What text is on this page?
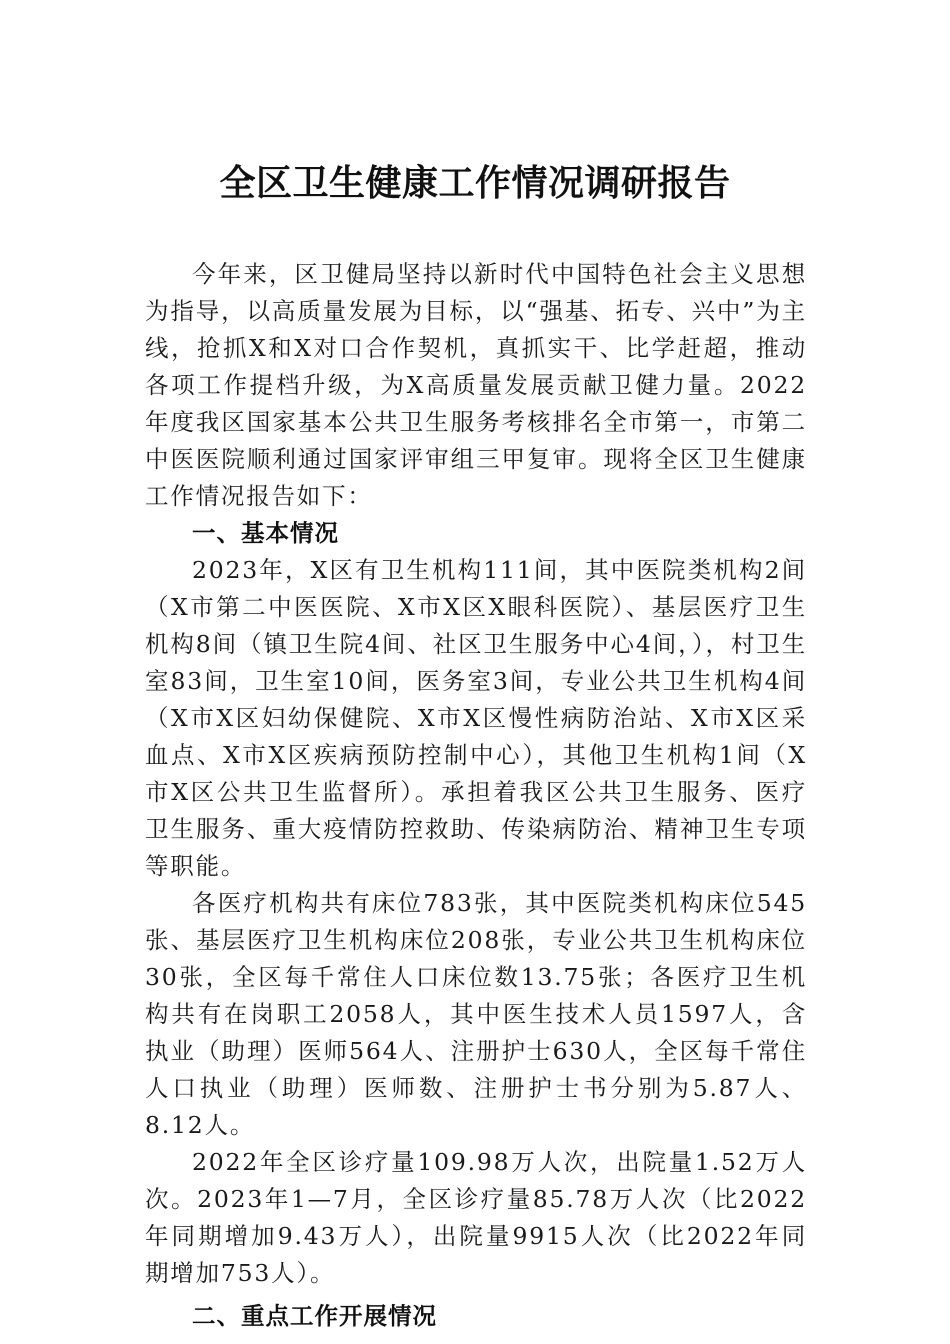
全区卫生健康工作情况调研报告

今年来，区卫健局坚持以新时代中国特色社会主义思想为指导，以高质量发展为目标，以“强基、拓专、兴中”为主线，抢抓X和X对口合作契机，真抓实干、比学赶超，推动各项工作提档升级，为X高质量发展贡献卫健力量。2022年度我区国家基本公共卫生服务考核排名全市第一，市第二中医医院顺利通过国家评审组三甲复审。现将全区卫生健康工作情况报告如下：

一、基本情况

2023年，X区有卫生机构111间，其中医院类机构2间（X市第二中医医院、X市X区X眼科医院）、基层医疗卫生机构8间（镇卫生院4间、社区卫生服务中心4间，），村卫生室83间，卫生室10间，医务室3间，专业公共卫生机构4间（X市X区妇幼保健院、X市X区慢性病防治站、X市X区采血点、X市X区疾病预防控制中心），其他卫生机构1间（X市X区公共卫生监督所）。承担着我区公共卫生服务、医疗卫生服务、重大疫情防控救助、传染病防治、精神卫生专项等职能。

各医疗机构共有床位783张，其中医院类机构床位545张、基层医疗卫生机构床位208张，专业公共卫生机构床位30张，全区每千常住人口床位数13.75张；各医疗卫生机构共有在岗职工2058人，其中医生技术人员1597人，含执业（助理）医师564人、注册护士630人，全区每千常住人口执业（助理）医师数、注册护士书分别为5.87人、8.12人。

2022年全区诊疗量109.98万人次，出院量1.52万人次。2023年1—7月，全区诊疗量85.78万人次（比2022年同期增加9.43万人），出院量9915人次（比2022年同期增加753人）。

二、重点工作开展情况
